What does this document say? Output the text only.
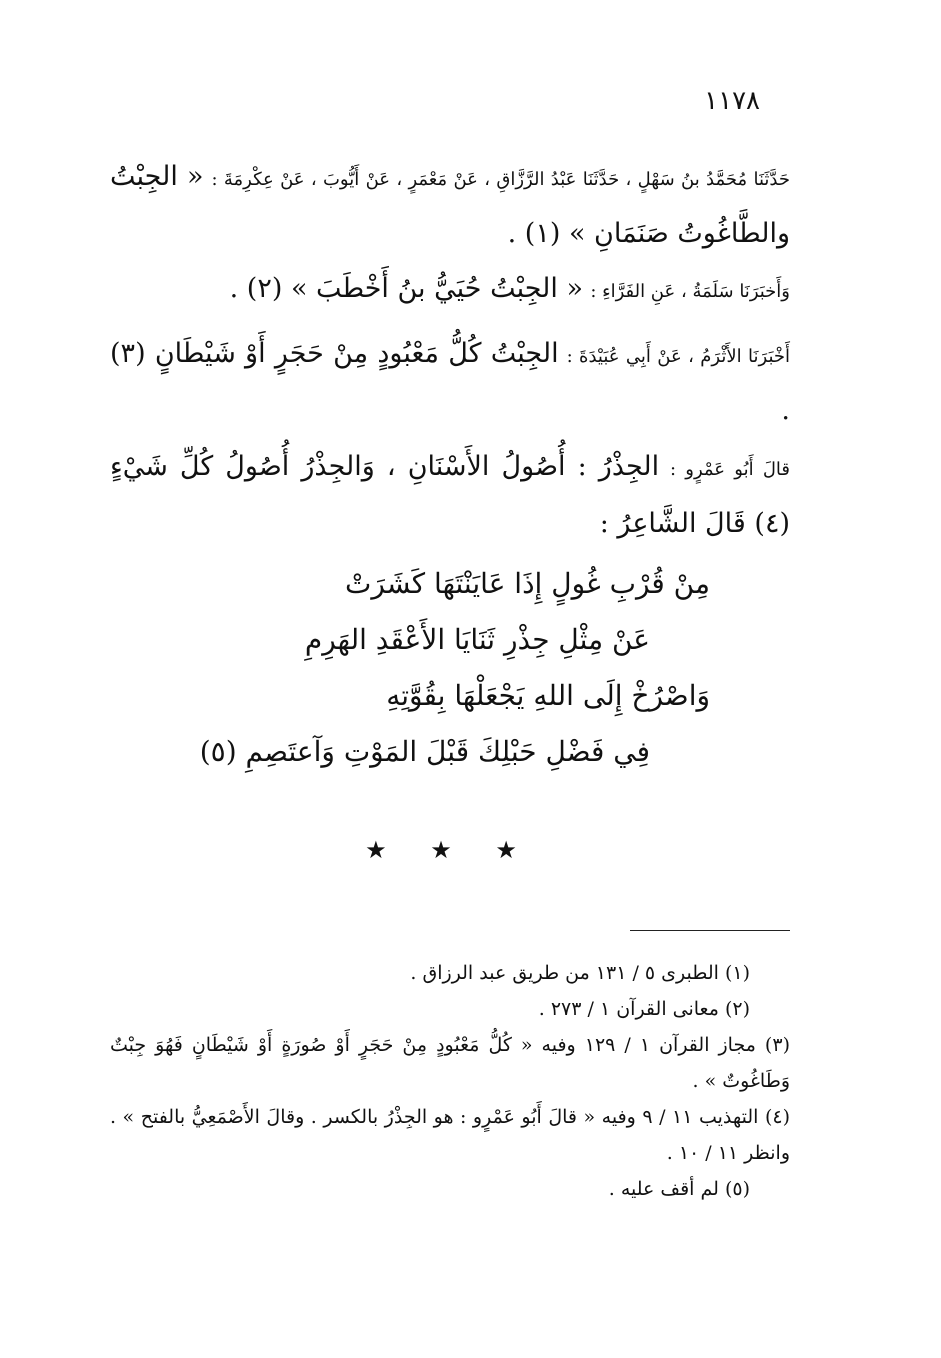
١١٧٨
حَدَّثَنَا مُحَمَّدُ بنُ سَهْلٍ ، حَدَّثَنَا عَبْدُ الرَّزَّاقِ ، عَنْ مَعْمَرٍ ، عَنْ أَيُّوبَ ، عَنْ عِكْرِمَةَ : « الجِبْتُ والطَّاغُوتُ صَنَمَانِ » (١) .
وَأَخبَرَنَا سَلَمَةُ ، عَنِ الفَرَّاءِ : « الجِبْتُ حُيَيُّ بنُ أَخْطَبَ » (٢) .
أَخْبَرَنَا الأَثْرَمُ ، عَنْ أَبِي عُبَيْدَةَ : الجِبْتُ كُلُّ مَعْبُودٍ مِنْ حَجَرٍ أَوْ شَيْطَانٍ (٣) .
قالَ أَبُو عَمْرٍو : الجِذْرُ : أُصُولُ الأَسْنَانِ ، وَالجِذْرُ أُصُولُ كُلِّ شَيْءٍ (٤) قَالَ الشَّاعِرُ :
مِنْ قُرْبِ غُولٍ إِذَا عَايَنْتَهَا كَشَرَتْ
عَنْ مِثْلِ جِذْرِ ثَنَايَا الأَعْقَدِ الهَرِمِ
وَاصْرُخْ إِلَى اللهِ يَجْعَلْهَا بِقُوَّتِهِ
فِي فَضْلِ حَبْلِكَ قَبْلَ المَوْتِ وَآعتَصِمِ (٥)
★ ★ ★
(١) الطبرى ٥ / ١٣١ من طريق عبد الرزاق .
(٢) معانى القرآن ١ / ٢٧٣ .
(٣) مجاز القرآن ١ / ١٢٩ وفيه « كُلُّ مَعْبُودٍ مِنْ حَجَرٍ أَوْ صُورَةٍ أَوْ شَيْطَانٍ فَهُوَ جِبْتٌ وَطَاغُوتٌ » .
(٤) التهذيب ١١ / ٩ وفيه « قالَ أَبُو عَمْرٍو : هو الجِذْرُ بالكسر . وقالَ الأَصْمَعِيُّ بالفتح » . وانظر ١١ / ١٠ .
(٥) لم أقف عليه .
